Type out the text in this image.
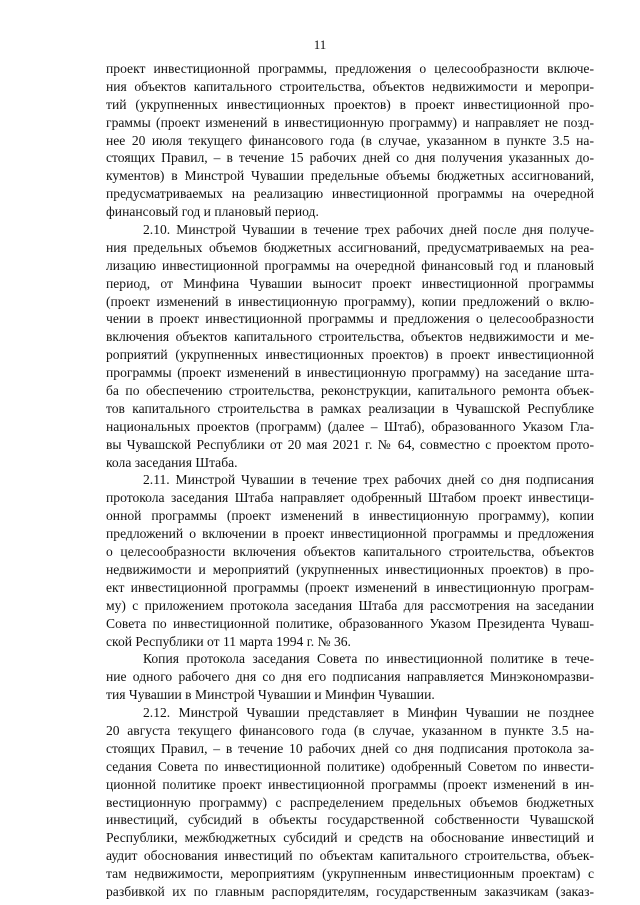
11
проект инвестиционной программы, предложения о целесообразности включе-
ния объектов капитального строительства, объектов недвижимости и меропри-
тий (укрупненных инвестиционных проектов) в проект инвестиционной про-
граммы (проект изменений в инвестиционную программу) и направляет не позд-
нее 20 июля текущего финансового года (в случае, указанном в пункте 3.5 на-
стоящих Правил, – в течение 15 рабочих дней со дня получения указанных до-
кументов) в Минстрой Чувашии предельные объемы бюджетных ассигнований,
предусматриваемых на реализацию инвестиционной программы на очередной
финансовый год и плановый период.
2.10. Минстрой Чувашии в течение трех рабочих дней после дня получе-
ния предельных объемов бюджетных ассигнований, предусматриваемых на реа-
лизацию инвестиционной программы на очередной финансовый год и плановый
период, от Минфина Чувашии выносит проект инвестиционной программы
(проект изменений в инвестиционную программу), копии предложений о вклю-
чении в проект инвестиционной программы и предложения о целесообразности
включения объектов капитального строительства, объектов недвижимости и ме-
роприятий (укрупненных инвестиционных проектов) в проект инвестиционной
программы (проект изменений в инвестиционную программу) на заседание шта-
ба по обеспечению строительства, реконструкции, капитального ремонта объек-
тов капитального строительства в рамках реализации в Чувашской Республике
национальных проектов (программ) (далее – Штаб), образованного Указом Гла-
вы Чувашской Республики от 20 мая 2021 г. № 64, совместно с проектом прото-
кола заседания Штаба.
2.11. Минстрой Чувашии в течение трех рабочих дней со дня подписания
протокола заседания Штаба направляет одобренный Штабом проект инвестици-
онной программы (проект изменений в инвестиционную программу), копии
предложений о включении в проект инвестиционной программы и предложения
о целесообразности включения объектов капитального строительства, объектов
недвижимости и мероприятий (укрупненных инвестиционных проектов) в про-
ект инвестиционной программы (проект изменений в инвестиционную програм-
му) с приложением протокола заседания Штаба для рассмотрения на заседании
Совета по инвестиционной политике, образованного Указом Президента Чуваш-
ской Республики от 11 марта 1994 г. № 36.
Копия протокола заседания Совета по инвестиционной политике в тече-
ние одного рабочего дня со дня его подписания направляется Минэкономразви-
тия Чувашии в Минстрой Чувашии и Минфин Чувашии.
2.12. Минстрой Чувашии представляет в Минфин Чувашии не позднее
20 августа текущего финансового года (в случае, указанном в пункте 3.5 на-
стоящих Правил, – в течение 10 рабочих дней со дня подписания протокола за-
седания Совета по инвестиционной политике) одобренный Советом по инвести-
ционной политике проект инвестиционной программы (проект изменений в ин-
вестиционную программу) с распределением предельных объемов бюджетных
инвестиций, субсидий в объекты государственной собственности Чувашской
Республики, межбюджетных субсидий и средств на обоснование инвестиций и
аудит обоснования инвестиций по объектам капитального строительства, объек-
там недвижимости, мероприятиям (укрупненным инвестиционным проектам) с
разбивкой их по главным распорядителям, государственным заказчикам (заказ-
